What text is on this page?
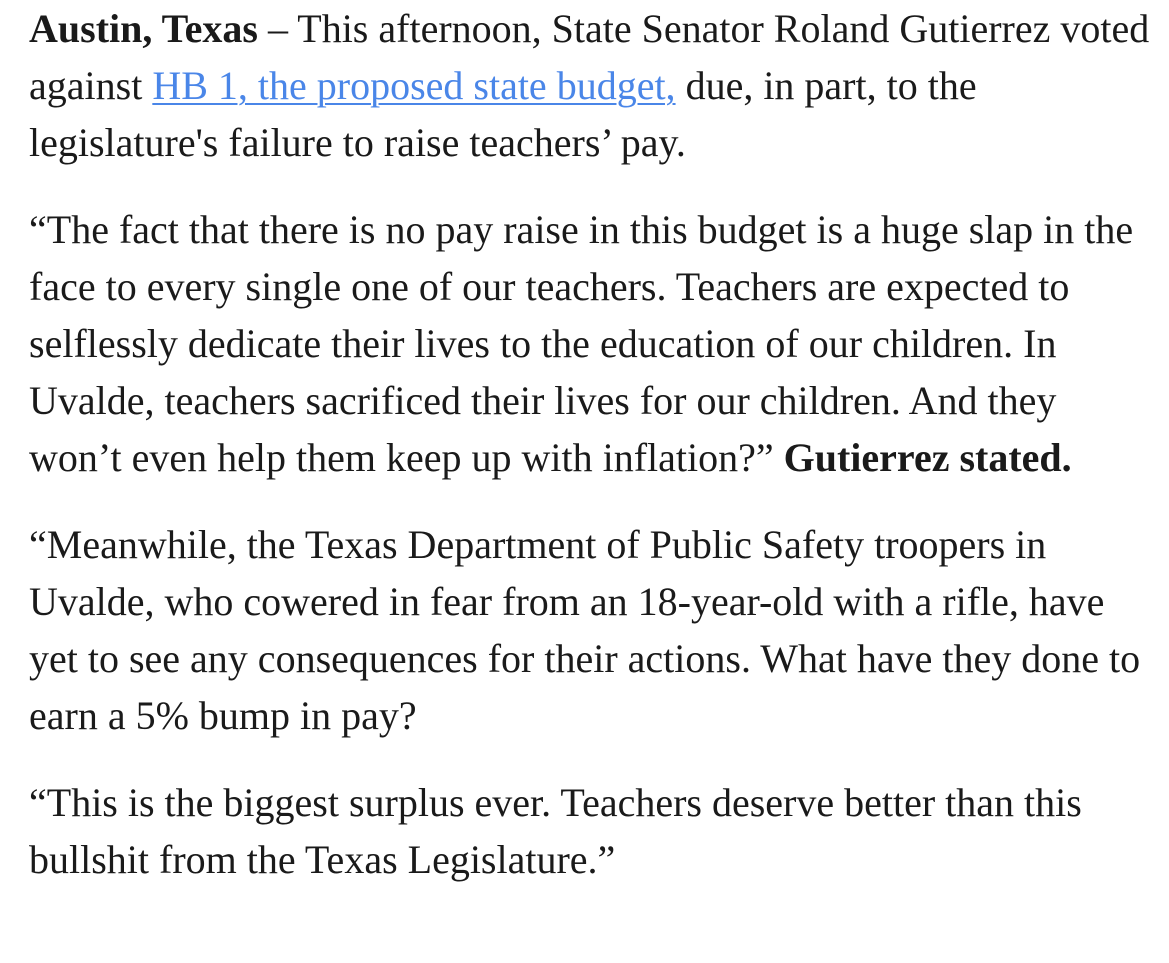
Austin, Texas – This afternoon, State Senator Roland Gutierrez voted against HB 1, the proposed state budget, due, in part, to the legislature's failure to raise teachers’ pay.

“The fact that there is no pay raise in this budget is a huge slap in the face to every single one of our teachers. Teachers are expected to selflessly dedicate their lives to the education of our children. In Uvalde, teachers sacrificed their lives for our children. And they won’t even help them keep up with inflation?” Gutierrez stated.

“Meanwhile, the Texas Department of Public Safety troopers in Uvalde, who cowered in fear from an 18-year-old with a rifle, have yet to see any consequences for their actions. What have they done to earn a 5% bump in pay?

“This is the biggest surplus ever. Teachers deserve better than this bullshit from the Texas Legislature.”
